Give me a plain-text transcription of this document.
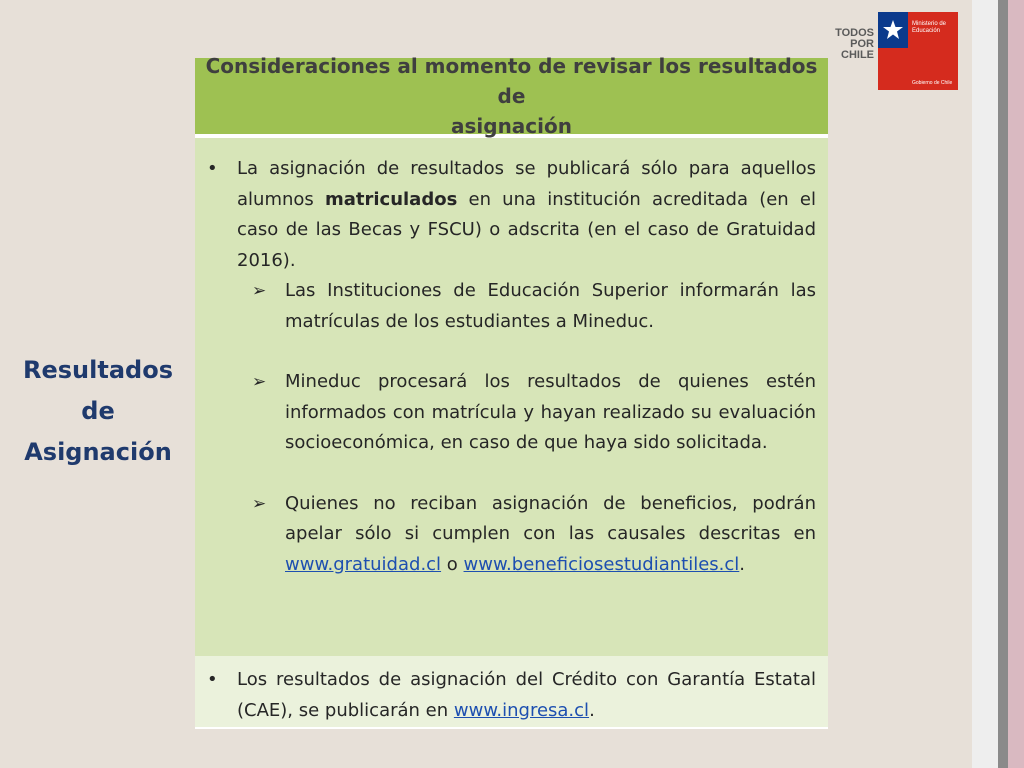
TODOS
POR
CHILE
Ministerio de
Educación
Gobierno de Chile
Resultados
de
Asignación
Consideraciones al momento de revisar los resultados de
asignación
•	La asignación de resultados se publicará sólo para aquellos alumnos matriculados en una institución acreditada (en el caso de las Becas y FSCU) o adscrita (en el caso de Gratuidad 2016).
➢	Las Instituciones de Educación Superior informarán las matrículas de los estudiantes a Mineduc.
➢	Mineduc procesará los resultados de quienes estén informados con matrícula y hayan realizado su evaluación socioeconómica, en caso de que haya sido solicitada.
➢	Quienes no reciban asignación de beneficios, podrán apelar sólo si cumplen con las causales descritas en www.gratuidad.cl o www.beneficiosestudiantiles.cl.
•	Los resultados de asignación del Crédito con Garantía Estatal (CAE), se publicarán en www.ingresa.cl.
